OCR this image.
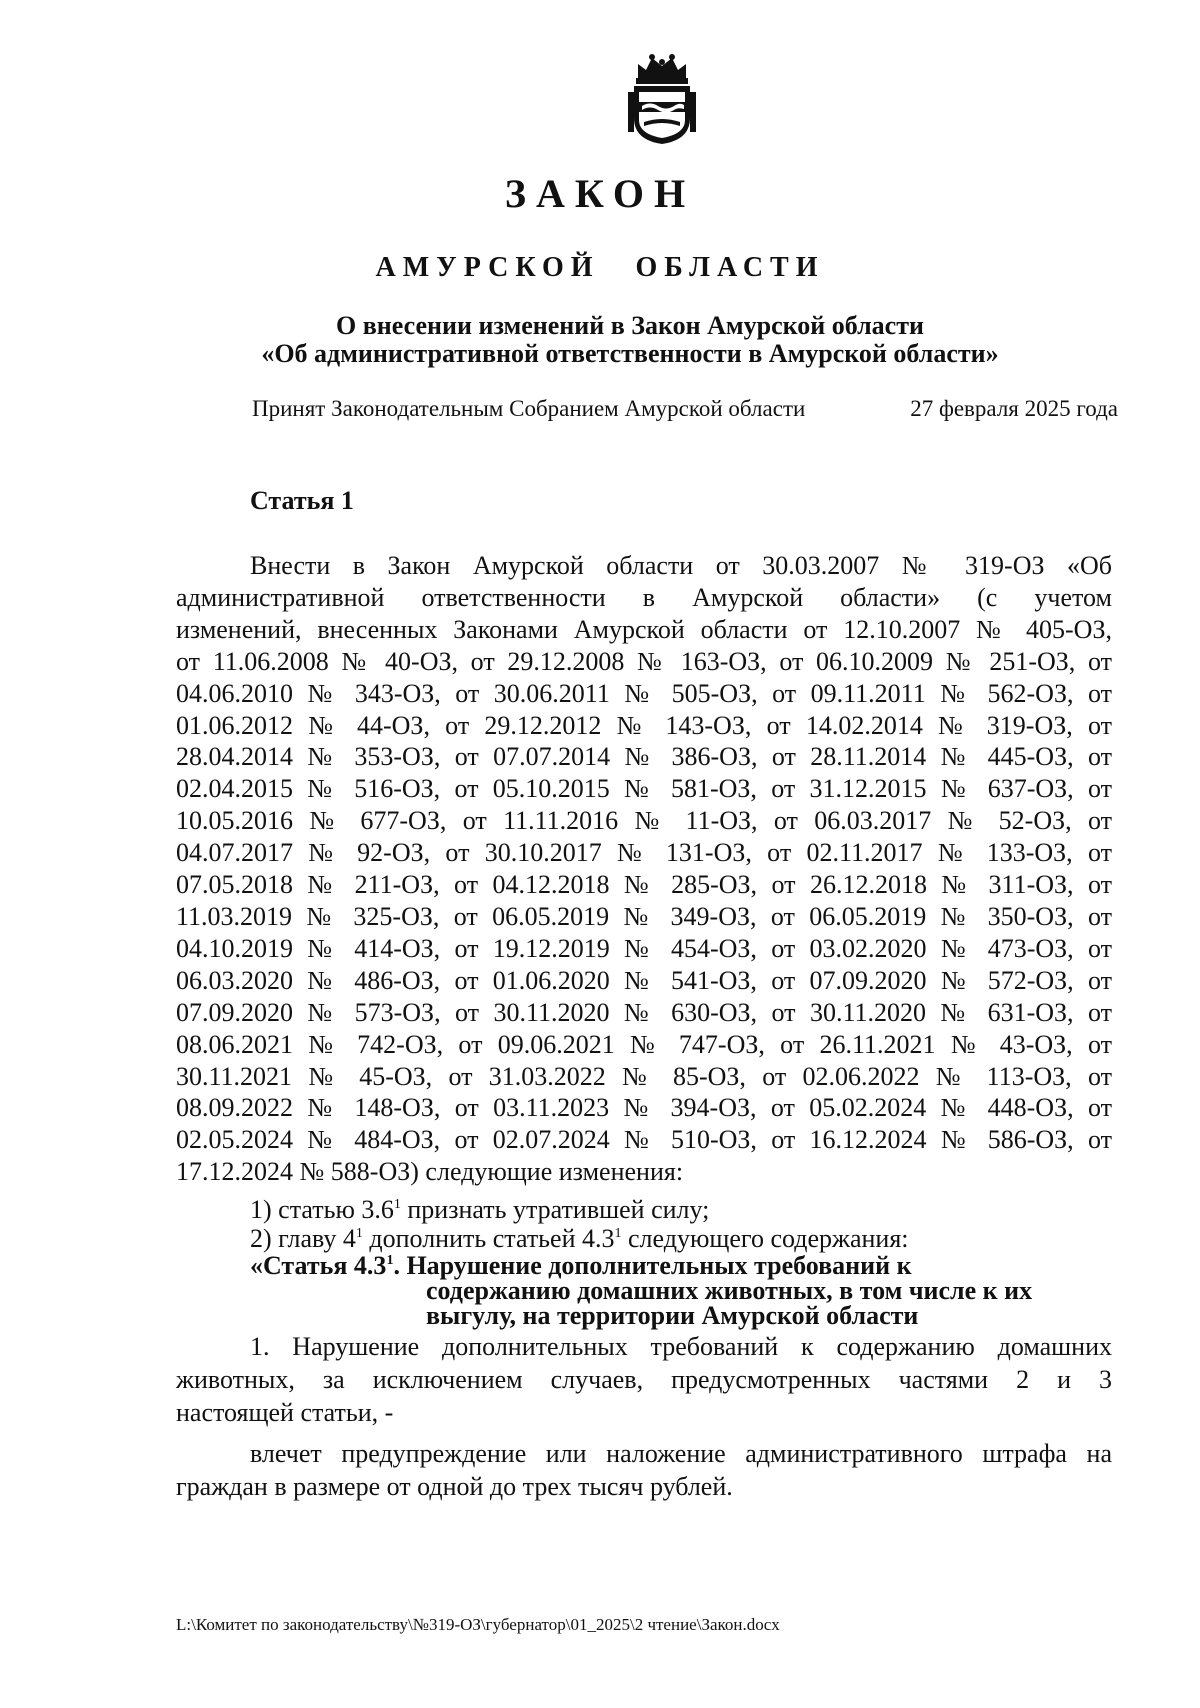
ЗАКОН
АМУРСКОЙ ОБЛАСТИ
О внесении изменений в Закон Амурской области
«Об административной ответственности в Амурской области»
Принят Законодательным Собранием Амурской области	27 февраля 2025 года
Статья 1
Внести в Закон Амурской области от 30.03.2007 № 319-ОЗ «Об
административной ответственности в Амурской области» (с учетом
изменений, внесенных Законами Амурской области от 12.10.2007 № 405-ОЗ,
от 11.06.2008 № 40-ОЗ, от 29.12.2008 № 163-ОЗ, от 06.10.2009 № 251-ОЗ, от
04.06.2010 № 343-ОЗ, от 30.06.2011 № 505-ОЗ, от 09.11.2011 № 562-ОЗ, от
01.06.2012 № 44-ОЗ, от 29.12.2012 № 143-ОЗ, от 14.02.2014 № 319-ОЗ, от
28.04.2014 № 353-ОЗ, от 07.07.2014 № 386-ОЗ, от 28.11.2014 № 445-ОЗ, от
02.04.2015 № 516-ОЗ, от 05.10.2015 № 581-ОЗ, от 31.12.2015 № 637-ОЗ, от
10.05.2016 № 677-ОЗ, от 11.11.2016 № 11-ОЗ, от 06.03.2017 № 52-ОЗ, от
04.07.2017 № 92-ОЗ, от 30.10.2017 № 131-ОЗ, от 02.11.2017 № 133-ОЗ, от
07.05.2018 № 211-ОЗ, от 04.12.2018 № 285-ОЗ, от 26.12.2018 № 311-ОЗ, от
11.03.2019 № 325-ОЗ, от 06.05.2019 № 349-ОЗ, от 06.05.2019 № 350-ОЗ, от
04.10.2019 № 414-ОЗ, от 19.12.2019 № 454-ОЗ, от 03.02.2020 № 473-ОЗ, от
06.03.2020 № 486-ОЗ, от 01.06.2020 № 541-ОЗ, от 07.09.2020 № 572-ОЗ, от
07.09.2020 № 573-ОЗ, от 30.11.2020 № 630-ОЗ, от 30.11.2020 № 631-ОЗ, от
08.06.2021 № 742-ОЗ, от 09.06.2021 № 747-ОЗ, от 26.11.2021 № 43-ОЗ, от
30.11.2021 № 45-ОЗ, от 31.03.2022 № 85-ОЗ, от 02.06.2022 № 113-ОЗ, от
08.09.2022 № 148-ОЗ, от 03.11.2023 № 394-ОЗ, от 05.02.2024 № 448-ОЗ, от
02.05.2024 № 484-ОЗ, от 02.07.2024 № 510-ОЗ, от 16.12.2024 № 586-ОЗ, от
17.12.2024 № 588-ОЗ) следующие изменения:
1) статью $3.6^1$ признать утратившей силу;
2) главу $4^1$ дополнить статьей $4.3^1$ следующего содержания:
«Статья $4.3^1$. Нарушение дополнительных требований к
содержанию домашних животных, в том числе к их
выгулу, на территории Амурской области
1. Нарушение дополнительных требований к содержанию домашних
животных, за исключением случаев, предусмотренных частями 2 и 3
настоящей статьи, -
влечет предупреждение или наложение административного штрафа на
граждан в размере от одной до трех тысяч рублей.
L:\Комитет по законодательству\№319-ОЗ\губернатор\01_2025\2 чтение\Закон.docx
